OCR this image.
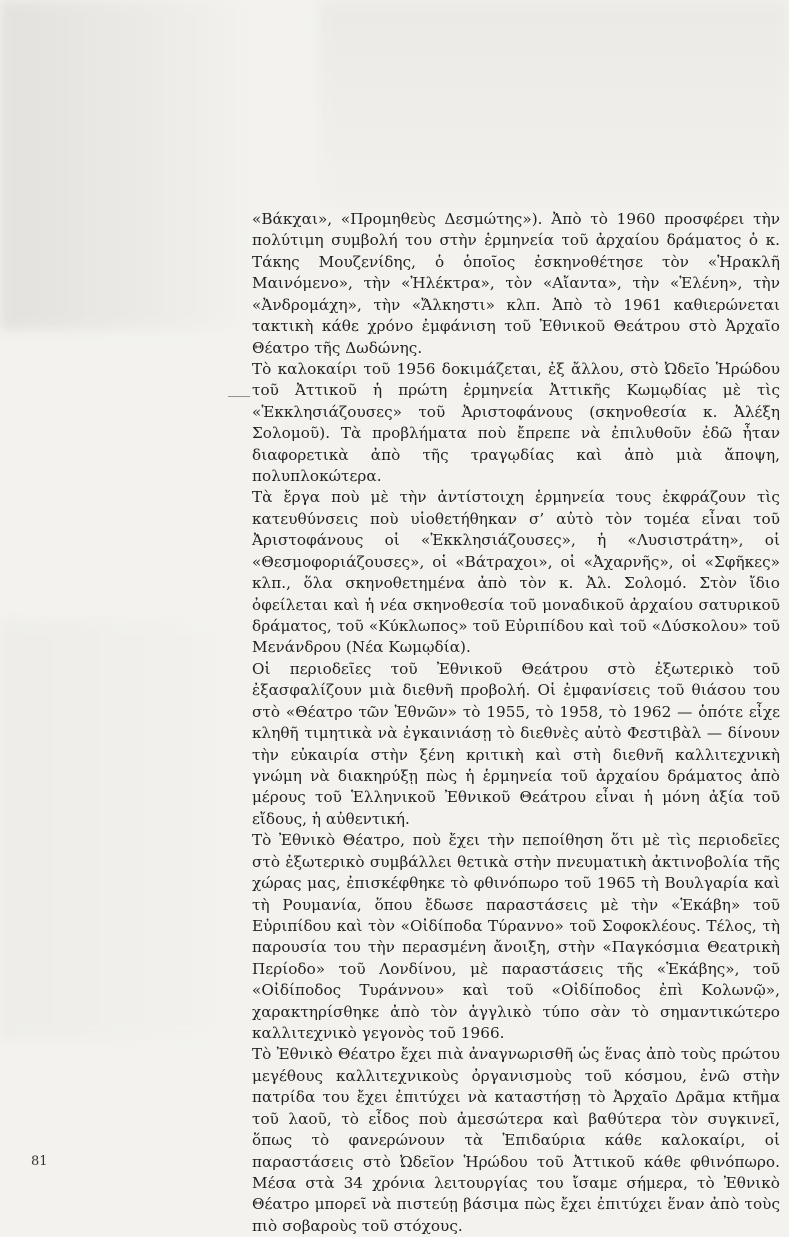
«Βάκχαι», «Προμηθεὺς Δεσμώτης»). Ἀπὸ τὸ 1960 προσφέρει τὴν πολύτιμη συμβολή του στὴν ἑρμηνεία τοῦ ἀρχαίου δράματος ὁ κ. Τάκης Μουζενίδης, ὁ ὁποῖος ἐσκηνοθέτησε τὸν «Ἡρακλῆ Μαινόμενο», τὴν «Ἠλέκτρα», τὸν «Αἴαντα», τὴν «Ἑλένη», τὴν «Ἀνδρομάχη», τὴν «Ἄλκηστι» κλπ. Ἀπὸ τὸ 1961 καθιερώνεται τακτικὴ κάθε χρόνο ἐμφάνιση τοῦ Ἐθνικοῦ Θεάτρου στὸ Ἀρχαῖο Θέατρο τῆς Δωδώνης.

Τὸ καλοκαίρι τοῦ 1956 δοκιμάζεται, ἐξ ἄλλου, στὸ Ὠδεῖο Ἡρώδου τοῦ Ἀττικοῦ ἡ πρώτη ἑρμηνεία Ἀττικῆς Κωμῳδίας μὲ τὶς «Ἐκκλησιάζουσες» τοῦ Ἀριστοφάνους (σκηνοθεσία κ. Ἀλέξη Σολομοῦ). Τὰ προβλήματα ποὺ ἔπρεπε νὰ ἐπιλυθοῦν ἐδῶ ἦταν διαφορετικὰ ἀπὸ τῆς τραγῳδίας καὶ ἀπὸ μιὰ ἄποψη, πολυπλοκώτερα.

Τὰ ἔργα ποὺ μὲ τὴν ἀντίστοιχη ἑρμηνεία τους ἐκφράζουν τὶς κατευθύνσεις ποὺ υἱοθετήθηκαν σ’ αὐτὸ τὸν τομέα εἶναι τοῦ Ἀριστοφάνους οἱ «Ἐκκλησιάζουσες», ἡ «Λυσιστράτη», οἱ «Θεσμοφοριάζουσες», οἱ «Βάτραχοι», οἱ «Ἀχαρνῆς», οἱ «Σφῆκες» κλπ., ὅλα σκηνοθετημένα ἀπὸ τὸν κ. Ἀλ. Σολομό. Στὸν ἴδιο ὀφείλεται καὶ ἡ νέα σκηνοθεσία τοῦ μοναδικοῦ ἀρχαίου σατυρικοῦ δράματος, τοῦ «Κύκλωπος» τοῦ Εὐριπίδου καὶ τοῦ «Δύσκολου» τοῦ Μενάνδρου (Νέα Κωμῳδία).

Οἱ περιοδεῖες τοῦ Ἐθνικοῦ Θεάτρου στὸ ἐξωτερικὸ τοῦ ἐξασφαλίζουν μιὰ διεθνῆ προβολή. Οἱ ἐμφανίσεις τοῦ θιάσου του στὸ «Θέατρο τῶν Ἐθνῶν» τὸ 1955, τὸ 1958, τὸ 1962 — ὁπότε εἶχε κληθῆ τιμητικὰ νὰ ἐγκαινιάσῃ τὸ διεθνὲς αὐτὸ Φεστιβὰλ — δίνουν τὴν εὐκαιρία στὴν ξένη κριτικὴ καὶ στὴ διεθνῆ καλλιτεχνικὴ γνώμη νὰ διακηρύξῃ πὼς ἡ ἑρμηνεία τοῦ ἀρχαίου δράματος ἀπὸ μέρους τοῦ Ἑλληνικοῦ Ἐθνικοῦ Θεάτρου εἶναι ἡ μόνη ἀξία τοῦ εἴδους, ἡ αὐθεντική.

Τὸ Ἐθνικὸ Θέατρο, ποὺ ἔχει τὴν πεποίθηση ὅτι μὲ τὶς περιοδεῖες στὸ ἐξωτερικὸ συμβάλλει θετικὰ στὴν πνευματικὴ ἀκτινοβολία τῆς χώρας μας, ἐπισκέφθηκε τὸ φθινόπωρο τοῦ 1965 τὴ Βουλγαρία καὶ τὴ Ρουμανία, ὅπου ἔδωσε παραστάσεις μὲ τὴν «Ἑκάβη» τοῦ Εὐριπίδου καὶ τὸν «Οἰδίποδα Τύραννο» τοῦ Σοφοκλέους. Τέλος, τὴ παρουσία του τὴν περασμένη ἄνοιξη, στὴν «Παγκόσμια Θεατρικὴ Περίοδο» τοῦ Λονδίνου, μὲ παραστάσεις τῆς «Ἑκάβης», τοῦ «Οἰδίποδος Τυράννου» καὶ τοῦ «Οἰδίποδος ἐπὶ Κολωνῷ», χαρακτηρίσθηκε ἀπὸ τὸν ἀγγλικὸ τύπο σὰν τὸ σημαντικώτερο καλλιτεχνικὸ γεγονὸς τοῦ 1966.

Τὸ Ἐθνικὸ Θέατρο ἔχει πιὰ ἀναγνωρισθῆ ὡς ἕνας ἀπὸ τοὺς πρώτου μεγέθους καλλιτεχνικοὺς ὀργανισμοὺς τοῦ κόσμου, ἐνῶ στὴν πατρίδα του ἔχει ἐπιτύχει νὰ καταστήσῃ τὸ Ἀρχαῖο Δρᾶμα κτῆμα τοῦ λαοῦ, τὸ εἶδος ποὺ ἀμεσώτερα καὶ βαθύτερα τὸν συγκινεῖ, ὅπως τὸ φανερώνουν τὰ Ἐπιδαύρια κάθε καλοκαίρι, οἱ παραστάσεις στὸ Ὠδεῖον Ἡρώδου τοῦ Ἀττικοῦ κάθε φθινόπωρο. Μέσα στὰ 34 χρόνια λειτουργίας του ἴσαμε σήμερα, τὸ Ἐθνικὸ Θέατρο μπορεῖ νὰ πιστεύῃ βάσιμα πὼς ἔχει ἐπιτύχει ἕναν ἀπὸ τοὺς πιὸ σοβαροὺς τοῦ στόχους.

81
